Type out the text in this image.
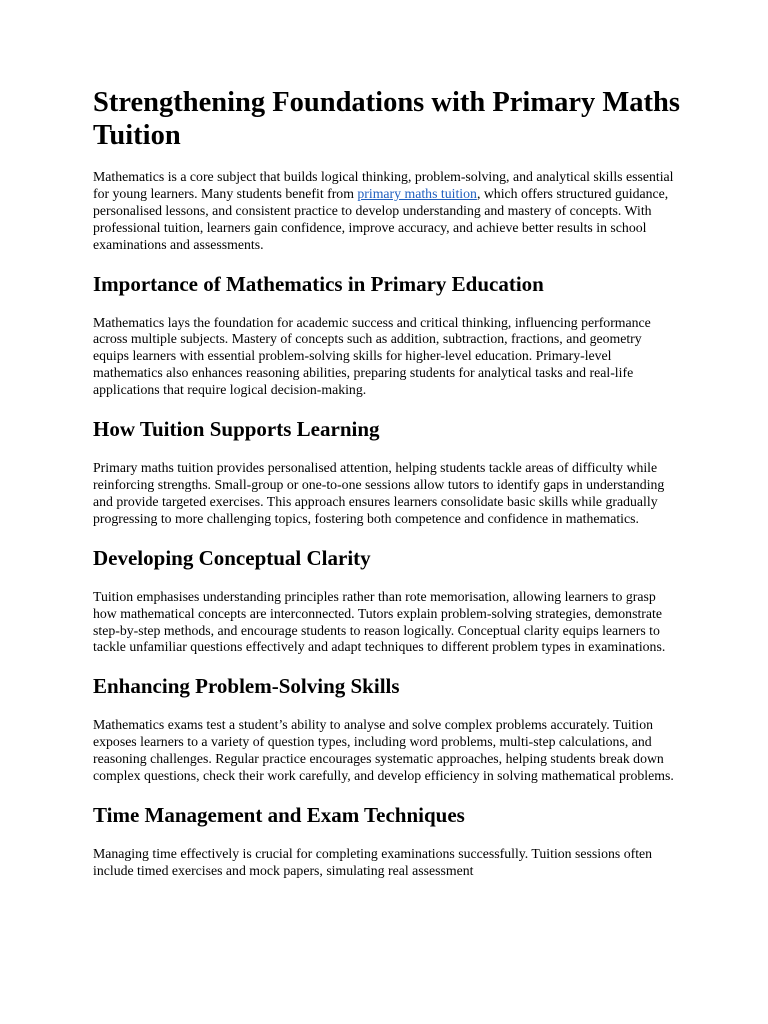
Strengthening Foundations with Primary Maths Tuition

Mathematics is a core subject that builds logical thinking, problem-solving, and analytical skills essential for young learners. Many students benefit from primary maths tuition, which offers structured guidance, personalised lessons, and consistent practice to develop understanding and mastery of concepts. With professional tuition, learners gain confidence, improve accuracy, and achieve better results in school examinations and assessments.

Importance of Mathematics in Primary Education

Mathematics lays the foundation for academic success and critical thinking, influencing performance across multiple subjects. Mastery of concepts such as addition, subtraction, fractions, and geometry equips learners with essential problem-solving skills for higher-level education. Primary-level mathematics also enhances reasoning abilities, preparing students for analytical tasks and real-life applications that require logical decision-making.

How Tuition Supports Learning

Primary maths tuition provides personalised attention, helping students tackle areas of difficulty while reinforcing strengths. Small-group or one-to-one sessions allow tutors to identify gaps in understanding and provide targeted exercises. This approach ensures learners consolidate basic skills while gradually progressing to more challenging topics, fostering both competence and confidence in mathematics.

Developing Conceptual Clarity

Tuition emphasises understanding principles rather than rote memorisation, allowing learners to grasp how mathematical concepts are interconnected. Tutors explain problem-solving strategies, demonstrate step-by-step methods, and encourage students to reason logically. Conceptual clarity equips learners to tackle unfamiliar questions effectively and adapt techniques to different problem types in examinations.

Enhancing Problem-Solving Skills

Mathematics exams test a student’s ability to analyse and solve complex problems accurately. Tuition exposes learners to a variety of question types, including word problems, multi-step calculations, and reasoning challenges. Regular practice encourages systematic approaches, helping students break down complex questions, check their work carefully, and develop efficiency in solving mathematical problems.

Time Management and Exam Techniques

Managing time effectively is crucial for completing examinations successfully. Tuition sessions often include timed exercises and mock papers, simulating real assessment
